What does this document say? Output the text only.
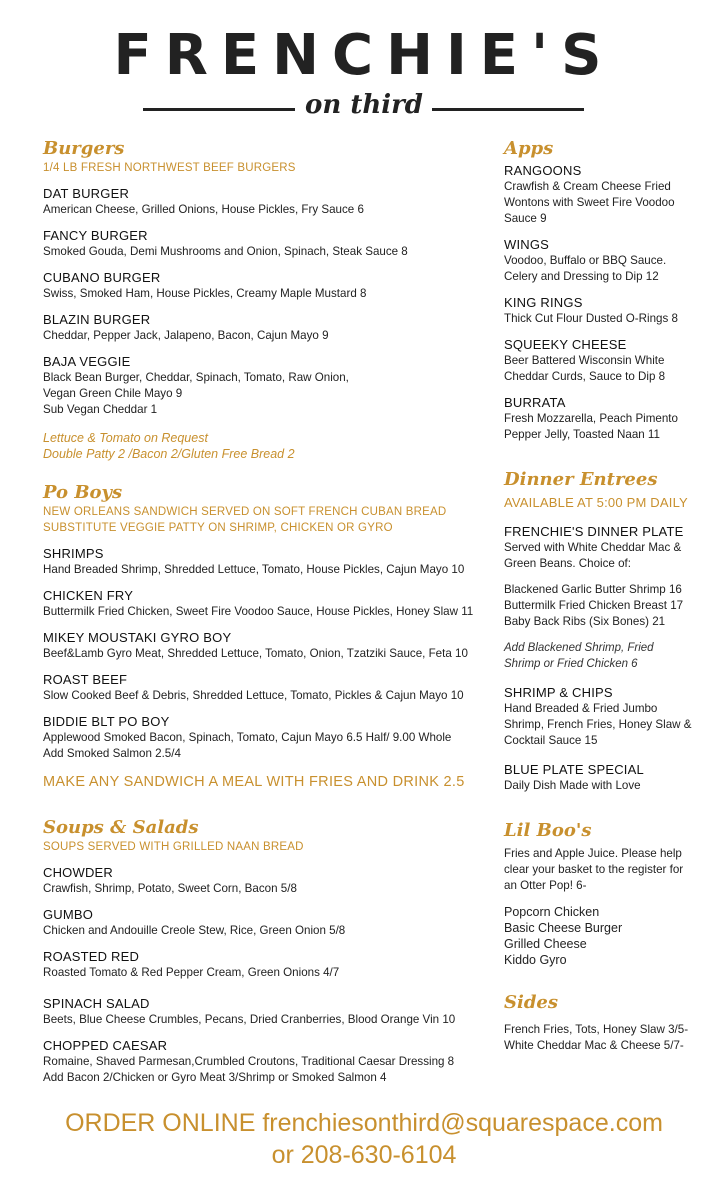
FRENCHIE'S
on third
Burgers
1/4 LB FRESH NORTHWEST BEEF BURGERS
DAT BURGER
American Cheese, Grilled Onions, House Pickles, Fry Sauce 6
FANCY BURGER
Smoked Gouda, Demi Mushrooms and Onion, Spinach, Steak Sauce 8
CUBANO BURGER
Swiss, Smoked Ham, House Pickles, Creamy Maple Mustard 8
BLAZIN BURGER
Cheddar, Pepper Jack, Jalapeno, Bacon, Cajun Mayo 9
BAJA VEGGIE
Black Bean Burger, Cheddar, Spinach, Tomato, Raw Onion,
Vegan Green Chile Mayo 9
Sub Vegan Cheddar 1
Lettuce & Tomato on Request
Double Patty 2 /Bacon 2/Gluten Free Bread 2
Po Boys
NEW ORLEANS SANDWICH SERVED ON SOFT FRENCH CUBAN BREAD
SUBSTITUTE VEGGIE PATTY ON SHRIMP, CHICKEN OR GYRO
SHRIMPS
Hand Breaded Shrimp, Shredded Lettuce, Tomato, House Pickles, Cajun Mayo 10
CHICKEN FRY
Buttermilk Fried Chicken, Sweet Fire Voodoo Sauce, House Pickles, Honey Slaw 11
MIKEY MOUSTAKI GYRO BOY
Beef&Lamb Gyro Meat, Shredded Lettuce, Tomato, Onion, Tzatziki Sauce, Feta 10
ROAST BEEF
Slow Cooked Beef & Debris, Shredded Lettuce, Tomato, Pickles & Cajun Mayo 10
BIDDIE BLT PO BOY
Applewood Smoked Bacon, Spinach, Tomato, Cajun Mayo 6.5 Half/ 9.00 Whole
Add Smoked Salmon 2.5/4
MAKE ANY SANDWICH A MEAL WITH FRIES AND DRINK 2.5
Soups & Salads
SOUPS SERVED WITH GRILLED NAAN BREAD
CHOWDER
Crawfish, Shrimp, Potato, Sweet Corn, Bacon 5/8
GUMBO
Chicken and Andouille Creole Stew, Rice, Green Onion 5/8
ROASTED RED
Roasted Tomato & Red Pepper Cream, Green Onions 4/7
SPINACH SALAD
Beets, Blue Cheese Crumbles, Pecans, Dried Cranberries, Blood Orange Vin 10
CHOPPED CAESAR
Romaine, Shaved Parmesan,Crumbled Croutons, Traditional Caesar Dressing 8
Add Bacon 2/Chicken or Gyro Meat 3/Shrimp or Smoked Salmon 4
Apps
RANGOONS
Crawfish & Cream Cheese Fried
Wontons with Sweet Fire Voodoo
Sauce 9
WINGS
Voodoo, Buffalo or BBQ Sauce.
Celery and Dressing to Dip 12
KING RINGS
Thick Cut Flour Dusted O-Rings 8
SQUEEKY CHEESE
Beer Battered Wisconsin White
Cheddar Curds, Sauce to Dip 8
BURRATA
Fresh Mozzarella, Peach Pimento
Pepper Jelly, Toasted Naan 11
Dinner Entrees
AVAILABLE AT 5:00 PM DAILY
FRENCHIE'S DINNER PLATE
Served with White Cheddar Mac &
Green Beans. Choice of:
Blackened Garlic Butter Shrimp 16
Buttermilk Fried Chicken Breast 17
Baby Back Ribs (Six Bones) 21
Add Blackened Shrimp, Fried
Shrimp or Fried Chicken 6
SHRIMP & CHIPS
Hand Breaded & Fried Jumbo
Shrimp, French Fries, Honey Slaw &
Cocktail Sauce 15
BLUE PLATE SPECIAL
Daily Dish Made with Love
Lil Boo's
Fries and Apple Juice. Please help
clear your basket to the register for
an Otter Pop! 6-
Popcorn Chicken
Basic Cheese Burger
Grilled Cheese
Kiddo Gyro
Sides
French Fries, Tots, Honey Slaw 3/5-
White Cheddar Mac & Cheese 5/7-
ORDER ONLINE frenchiesonthird@squarespace.com
or 208-630-6104
